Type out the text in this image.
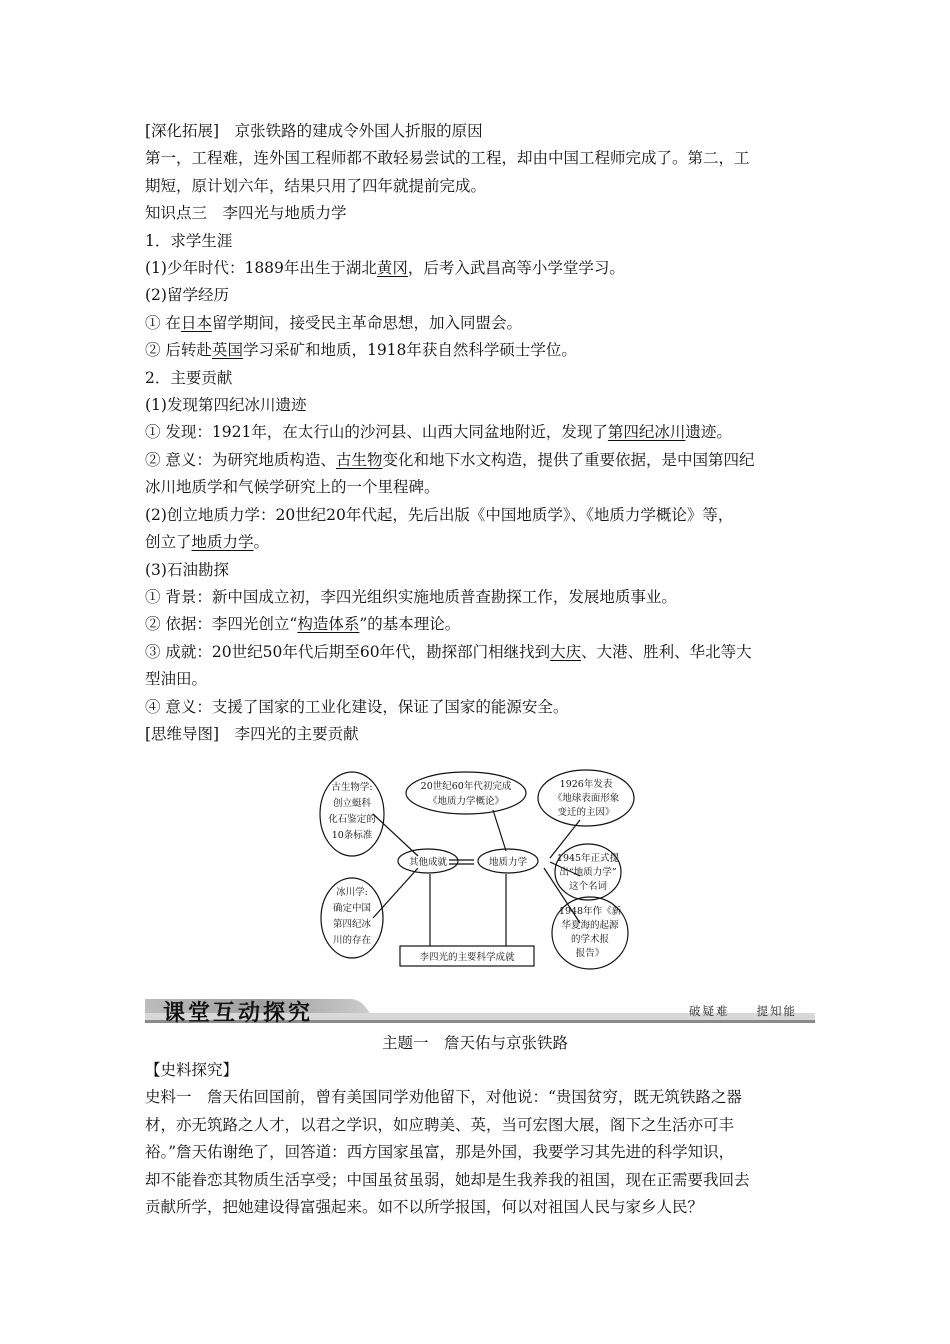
[深化拓展]　京张铁路的建成令外国人折服的原因

第一，工程难，连外国工程师都不敢轻易尝试的工程，却由中国工程师完成了。第二，工

期短，原计划六年，结果只用了四年就提前完成。

知识点三　李四光与地质力学

1．求学生涯

(1)少年时代：1889年出生于湖北黄冈，后考入武昌高等小学堂学习。

(2)留学经历

① 在日本留学期间，接受民主革命思想，加入同盟会。

② 后转赴英国学习采矿和地质，1918年获自然科学硕士学位。

2．主要贡献

(1)发现第四纪冰川遗迹

① 发现：1921年，在太行山的沙河县、山西大同盆地附近，发现了第四纪冰川遗迹。

② 意义：为研究地质构造、古生物变化和地下水文构造，提供了重要依据，是中国第四纪

冰川地质学和气候学研究上的一个里程碑。

(2)创立地质力学：20世纪20年代起，先后出版《中国地质学》、《地质力学概论》等，

创立了地质力学。

(3)石油勘探

① 背景：新中国成立初，李四光组织实施地质普查勘探工作，发展地质事业。

② 依据：李四光创立“构造体系”的基本理论。

③ 成就：20世纪50年代后期至60年代，勘探部门相继找到大庆、大港、胜利、华北等大

型油田。

④ 意义：支援了国家的工业化建设，保证了国家的能源安全。

[思维导图]　李四光的主要贡献

古生物学:
创立蜓科
化石鉴定的
10条标准
冰川学:
确定中国
第四纪冰
川的存在
其他成就	地质力学
20世纪60年代初完成
《地质力学概论》
1926年发表
《地球表面形象
变迁的主因》
1945年正式提
出“地质力学”
这个名词
1948年作《新
华夏海的起源
的学术报
报告》
李四光的主要科学成就
课堂互动探究	破疑难　　提知能
主题一　詹天佑与京张铁路

【史料探究】

史料一　詹天佑回国前，曾有美国同学劝他留下，对他说：“贵国贫穷，既无筑铁路之器

材，亦无筑路之人才，以君之学识，如应聘美、英，当可宏图大展，阁下之生活亦可丰

裕。”詹天佑谢绝了，回答道：西方国家虽富，那是外国，我要学习其先进的科学知识，

却不能眷恋其物质生活享受；中国虽贫虽弱，她却是生我养我的祖国，现在正需要我回去

贡献所学，把她建设得富强起来。如不以所学报国，何以对祖国人民与家乡人民？
